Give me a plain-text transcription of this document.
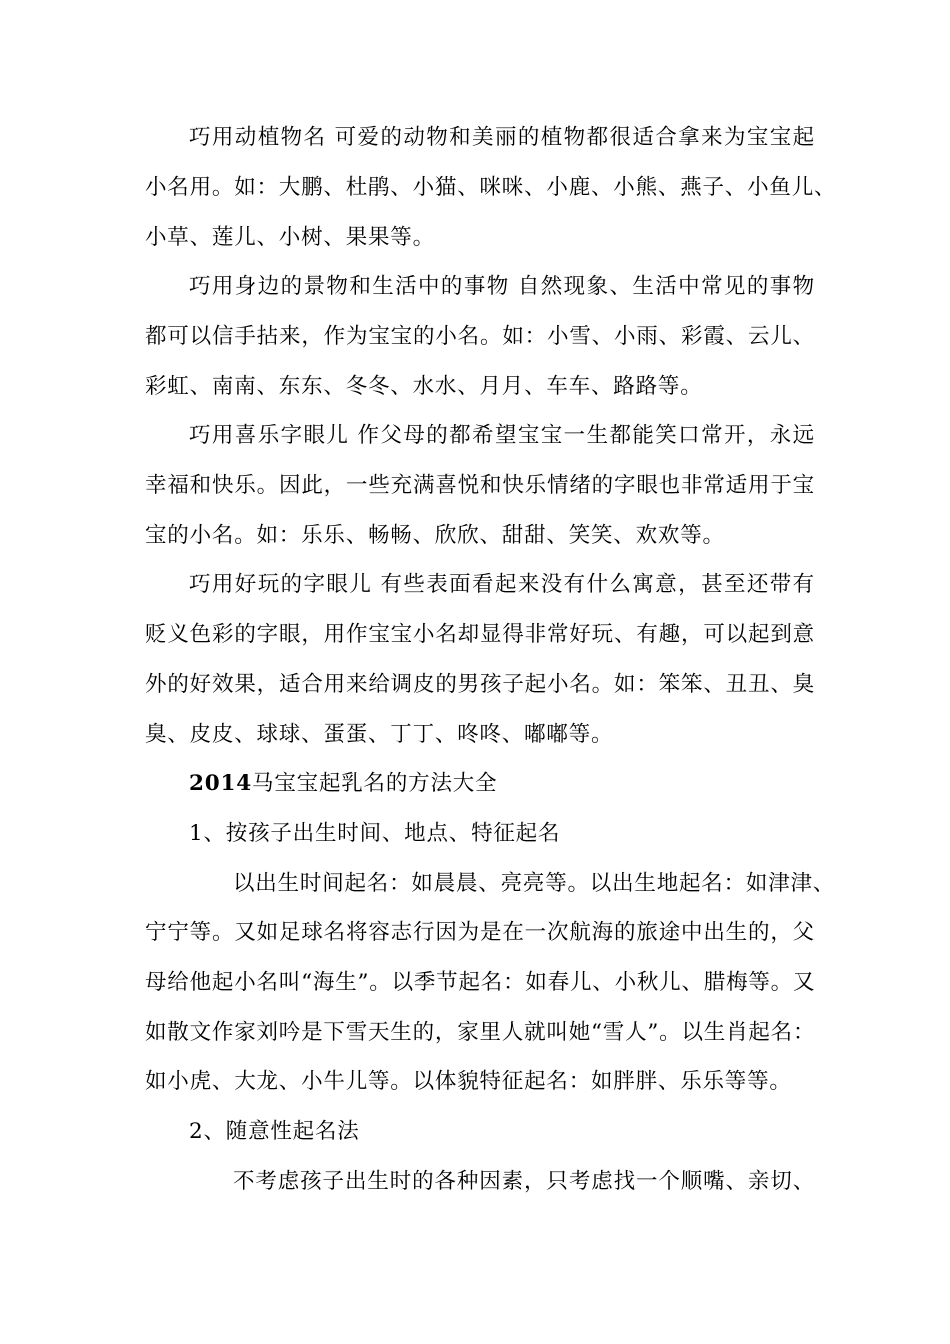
巧用动植物名 可爱的动物和美丽的植物都很适合拿来为宝宝起
小名用。如：大鹏、杜鹃、小猫、咪咪、小鹿、小熊、燕子、小鱼儿、
小草、莲儿、小树、果果等。
巧用身边的景物和生活中的事物 自然现象、生活中常见的事物
都可以信手拈来，作为宝宝的小名。如：小雪、小雨、彩霞、云儿、
彩虹、南南、东东、冬冬、水水、月月、车车、路路等。
巧用喜乐字眼儿 作父母的都希望宝宝一生都能笑口常开，永远
幸福和快乐。因此，一些充满喜悦和快乐情绪的字眼也非常适用于宝
宝的小名。如：乐乐、畅畅、欣欣、甜甜、笑笑、欢欢等。
巧用好玩的字眼儿 有些表面看起来没有什么寓意，甚至还带有
贬义色彩的字眼，用作宝宝小名却显得非常好玩、有趣，可以起到意
外的好效果，适合用来给调皮的男孩子起小名。如：笨笨、丑丑、臭
臭、皮皮、球球、蛋蛋、丁丁、咚咚、嘟嘟等。
2014马宝宝起乳名的方法大全
1、按孩子出生时间、地点、特征起名
以出生时间起名：如晨晨、亮亮等。以出生地起名：如津津、
宁宁等。又如足球名将容志行因为是在一次航海的旅途中出生的，父
母给他起小名叫“海生”。以季节起名：如春儿、小秋儿、腊梅等。又
如散文作家刘吟是下雪天生的，家里人就叫她“雪人”。以生肖起名：
如小虎、大龙、小牛儿等。以体貌特征起名：如胖胖、乐乐等等。
2、随意性起名法
不考虑孩子出生时的各种因素，只考虑找一个顺嘴、亲切、
